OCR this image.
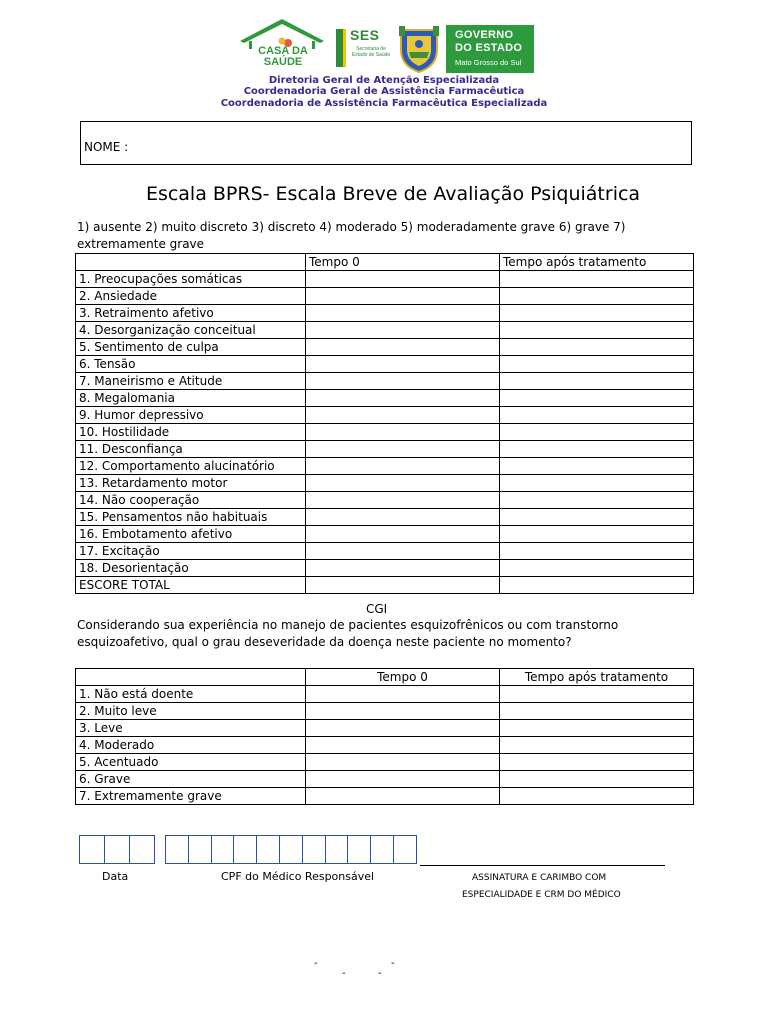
CASA DA SAÚDE
SES
Secretaria de Estado de Saúde
GOVERNO
DO ESTADO
Mato Grosso do Sul
Diretoria Geral de Atenção Especializada
Coordenadoria Geral de Assistência Farmacêutica
Coordenadoria de Assistência Farmacêutica Especializada
NOME :
Escala BPRS- Escala Breve de Avaliação Psiquiátrica
1) ausente 2) muito discreto 3) discreto 4) moderado 5) moderadamente grave 6) grave 7)
extremamente grave
	Tempo 0	Tempo após tratamento
1. Preocupações somáticas		
2. Ansiedade		
3. Retraimento afetivo		
4. Desorganização conceitual		
5. Sentimento de culpa		
6. Tensão		
7. Maneirismo e Atitude		
8. Megalomania		
9. Humor depressivo		
10. Hostilidade		
11. Desconfiança		
12. Comportamento alucinatório		
13. Retardamento motor		
14. Não cooperação		
15. Pensamentos não habituais		
16. Embotamento afetivo		
17. Excitação		
18. Desorientação		
ESCORE TOTAL		
CGI
Considerando sua experiência no manejo de pacientes esquizofrênicos ou com transtorno
esquizoafetivo, qual o grau deseveridade da doença neste paciente no momento?
	Tempo 0	Tempo após tratamento
1. Não está doente		
2. Muito leve		
3. Leve		
4. Moderado		
5. Acentuado		
6. Grave		
7. Extremamente grave		
Data	CPF do Médico Responsável	ASSINATURA E CARIMBO COM
ESPECIALIDADE E CRM DO MÉDICO
-	-
-	-
